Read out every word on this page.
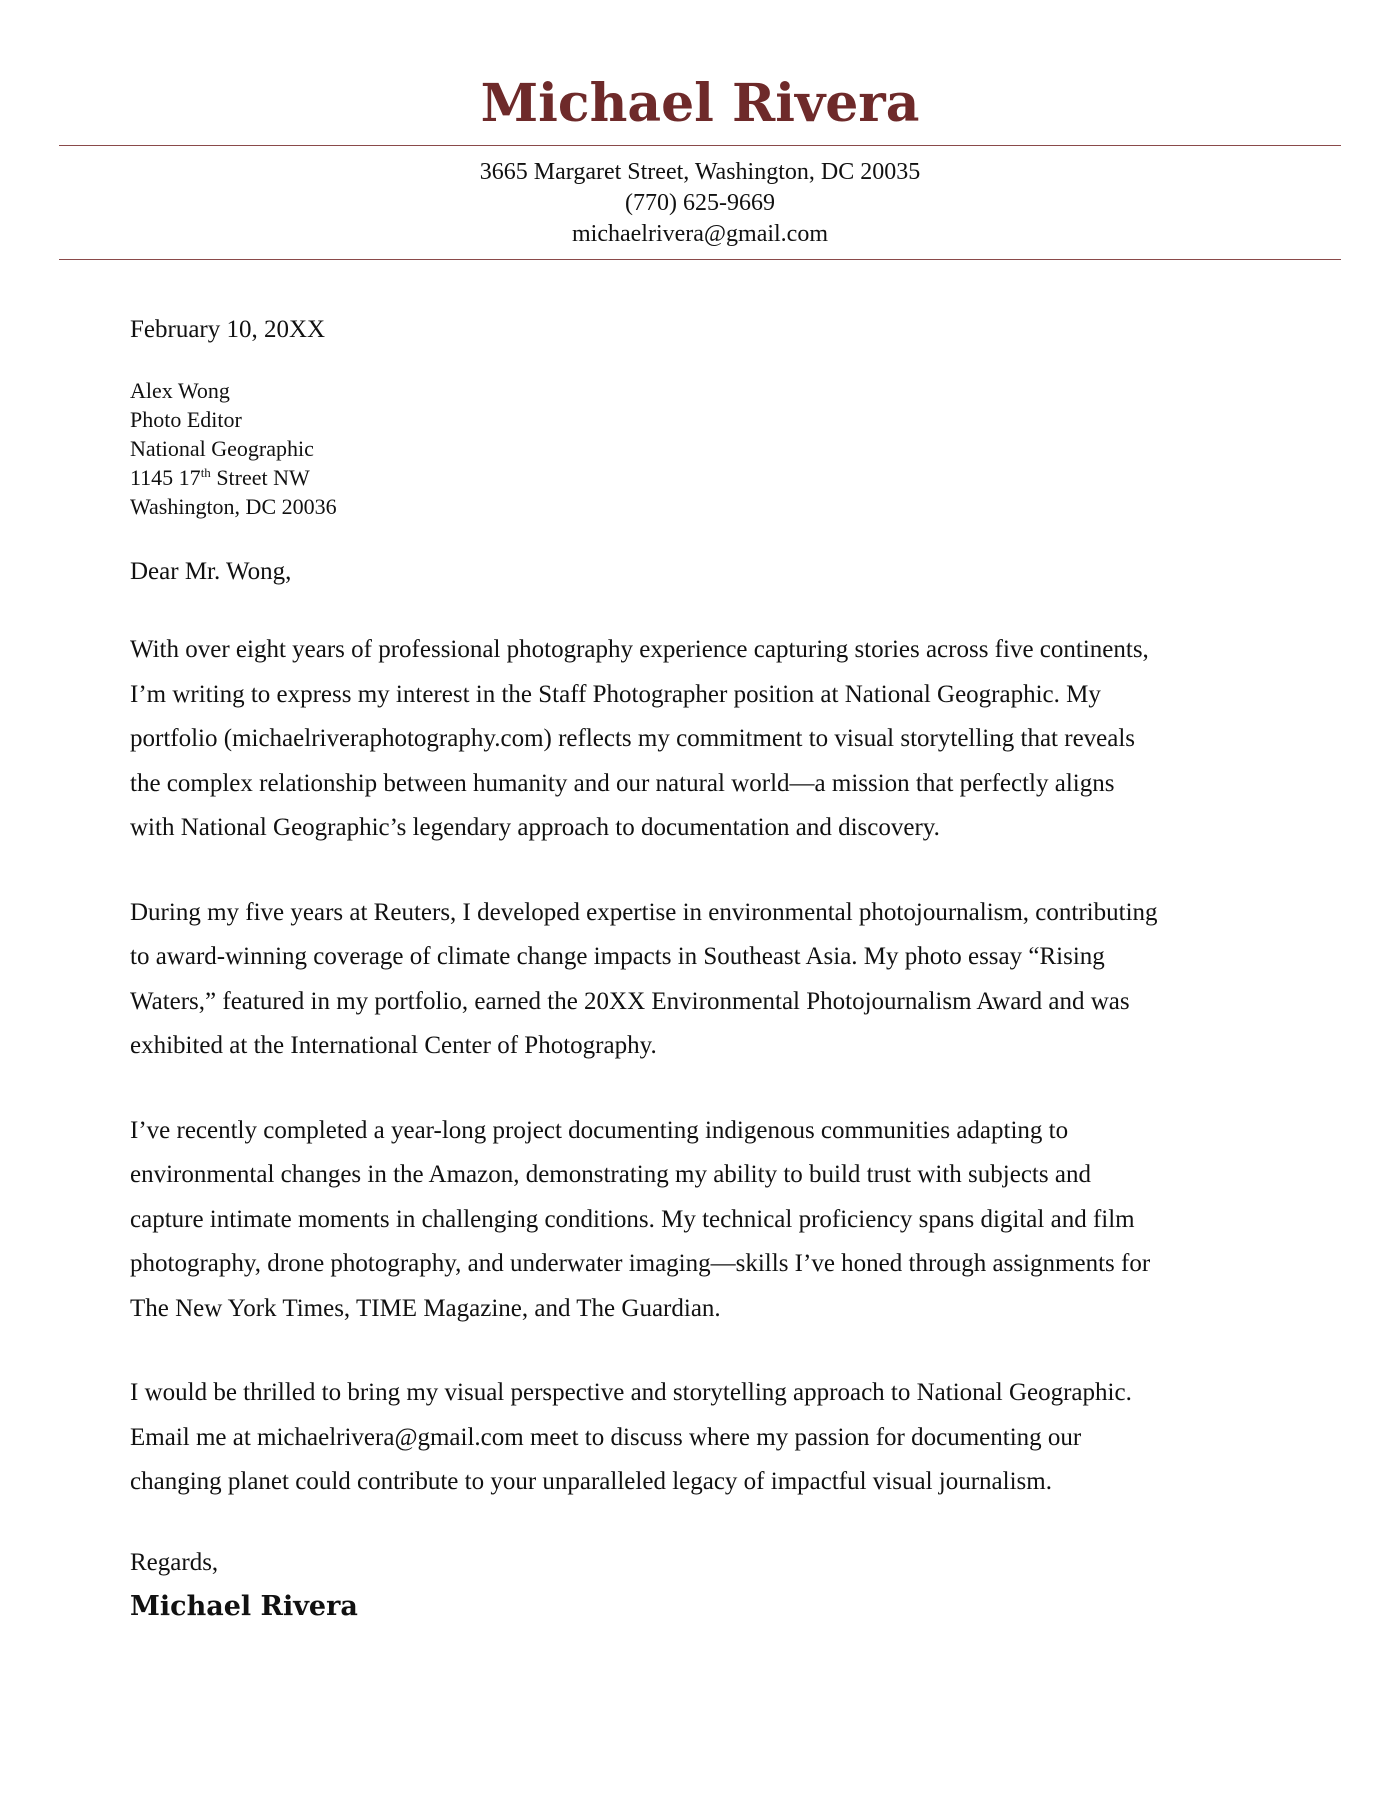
Michael Rivera
3665 Margaret Street, Washington, DC 20035
(770) 625-9669
michaelrivera@gmail.com
February 10, 20XX
Alex Wong
Photo Editor
National Geographic
1145 17th Street NW
Washington, DC 20036
Dear Mr. Wong,
With over eight years of professional photography experience capturing stories across five continents,
I’m writing to express my interest in the Staff Photographer position at National Geographic. My
portfolio (michaelriveraphotography.com) reflects my commitment to visual storytelling that reveals
the complex relationship between humanity and our natural world—a mission that perfectly aligns
with National Geographic’s legendary approach to documentation and discovery.
During my five years at Reuters, I developed expertise in environmental photojournalism, contributing
to award-winning coverage of climate change impacts in Southeast Asia. My photo essay “Rising
Waters,” featured in my portfolio, earned the 20XX Environmental Photojournalism Award and was
exhibited at the International Center of Photography.
I’ve recently completed a year-long project documenting indigenous communities adapting to
environmental changes in the Amazon, demonstrating my ability to build trust with subjects and
capture intimate moments in challenging conditions. My technical proficiency spans digital and film
photography, drone photography, and underwater imaging—skills I’ve honed through assignments for
The New York Times, TIME Magazine, and The Guardian.
I would be thrilled to bring my visual perspective and storytelling approach to National Geographic.
Email me at michaelrivera@gmail.com meet to discuss where my passion for documenting our
changing planet could contribute to your unparalleled legacy of impactful visual journalism.
Regards,
Michael Rivera
